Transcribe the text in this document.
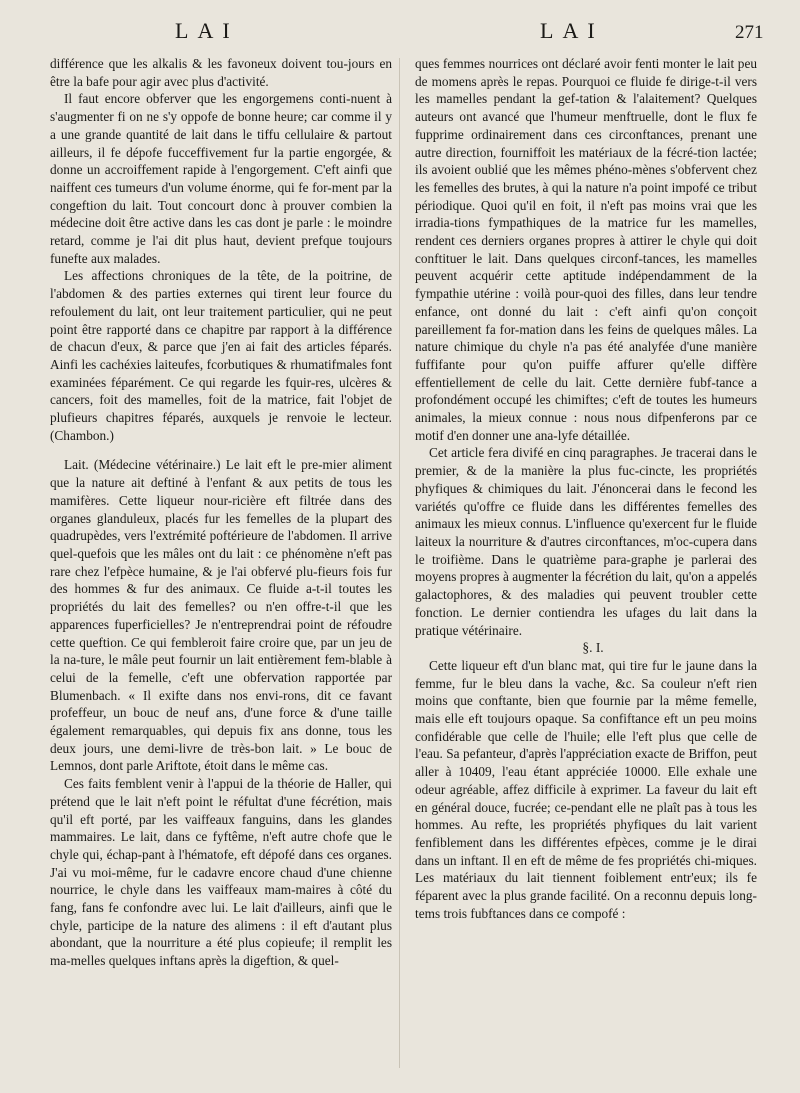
LAI	LAI	271

différence que les alkalis & les favoneux doivent tou-jours en être la bafe pour agir avec plus d'activité.

Il faut encore obferver que les engorgemens conti-nuent à s'augmenter fi on ne s'y oppofe de bonne heure; car comme il y a une grande quantité de lait dans le tiffu cellulaire & partout ailleurs, il fe dépofe fucceffivement fur la partie engorgée, & donne un accroiffement rapide à l'engorgement. C'eft ainfi que naiffent ces tumeurs d'un volume énorme, qui fe for-ment par la congeftion du lait. Tout concourt donc à prouver combien la médecine doit être active dans les cas dont je parle : le moindre retard, comme je l'ai dit plus haut, devient prefque toujours funefte aux malades.

Les affections chroniques de la tête, de la poitrine, de l'abdomen & des parties externes qui tirent leur fource du refoulement du lait, ont leur traitement particulier, qui ne peut point être rapporté dans ce chapitre par rapport à la différence de chacun d'eux, & parce que j'en ai fait des articles féparés. Ainfi les cachéxies laiteufes, fcorbutiques & rhumatifmales font examinées féparément. Ce qui regarde les fquir-res, ulcères & cancers, foit des mamelles, foit de la matrice, fait l'objet de plufieurs chapitres féparés, auxquels je renvoie le lecteur. (Chambon.)

Lait. (Médecine vétérinaire.) Le lait eft le pre-mier aliment que la nature ait deftiné à l'enfant & aux petits de tous les mamifères. Cette liqueur nour-ricière eft filtrée dans des organes glanduleux, placés fur les femelles de la plupart des quadrupèdes, vers l'extrémité poftérieure de l'abdomen. Il arrive quel-quefois que les mâles ont du lait : ce phénomène n'eft pas rare chez l'efpèce humaine, & je l'ai obfervé plu-fieurs fois fur des hommes & fur des animaux. Ce fluide a-t-il toutes les propriétés du lait des femelles? ou n'en offre-t-il que les apparences fuperficielles? Je n'entreprendrai point de réfoudre cette queftion. Ce qui fembleroit faire croire que, par un jeu de la na-ture, le mâle peut fournir un lait entièrement fem-blable à celui de la femelle, c'eft une obfervation rapportée par Blumenbach. « Il exifte dans nos envi-rons, dit ce favant profeffeur, un bouc de neuf ans, d'une force & d'une taille également remarquables, qui depuis fix ans donne, tous les deux jours, une demi-livre de très-bon lait. » Le bouc de Lemnos, dont parle Ariftote, étoit dans le même cas.

Ces faits femblent venir à l'appui de la théorie de Haller, qui prétend que le lait n'eft point le réfultat d'une fécrétion, mais qu'il eft porté, par les vaiffeaux fanguins, dans les glandes mammaires. Le lait, dans ce fyftême, n'eft autre chofe que le chyle qui, échap-pant à l'hématofe, eft dépofé dans ces organes. J'ai vu moi-même, fur le cadavre encore chaud d'une chienne nourrice, le chyle dans les vaiffeaux mam-maires à côté du fang, fans fe confondre avec lui. Le lait d'ailleurs, ainfi que le chyle, participe de la nature des alimens : il eft d'autant plus abondant, que la nourriture a été plus copieufe; il remplit les ma-melles quelques inftans après la digeftion, & quel-

ques femmes nourrices ont déclaré avoir fenti monter le lait peu de momens après le repas. Pourquoi ce fluide fe dirige-t-il vers les mamelles pendant la gef-tation & l'alaitement? Quelques auteurs ont avancé que l'humeur menftruelle, dont le flux fe fupprime ordinairement dans ces circonftances, prenant une autre direction, fourniffoit les matériaux de la fécré-tion lactée; ils avoient oublié que les mêmes phéno-mènes s'obfervent chez les femelles des brutes, à qui la nature n'a point impofé ce tribut périodique. Quoi qu'il en foit, il n'eft pas moins vrai que les irradia-tions fympathiques de la matrice fur les mamelles, rendent ces derniers organes propres à attirer le chyle qui doit conftituer le lait. Dans quelques circonf-tances, les mamelles peuvent acquérir cette aptitude indépendamment de la fympathie utérine : voilà pour-quoi des filles, dans leur tendre enfance, ont donné du lait : c'eft ainfi qu'on conçoit pareillement fa for-mation dans les feins de quelques mâles. La nature chimique du chyle n'a pas été analyfée d'une manière fuffifante pour qu'on puiffe affurer qu'elle diffère effentiellement de celle du lait. Cette dernière fubf-tance a profondément occupé les chimiftes; c'eft de toutes les humeurs animales, la mieux connue : nous nous difpenferons par ce motif d'en donner une ana-lyfe détaillée.

Cet article fera divifé en cinq paragraphes. Je tracerai dans le premier, & de la manière la plus fuc-cincte, les propriétés phyfiques & chimiques du lait. J'énoncerai dans le fecond les variétés qu'offre ce fluide dans les différentes femelles des animaux les mieux connus. L'influence qu'exercent fur le fluide laiteux la nourriture & d'autres circonftances, m'oc-cupera dans le troifième. Dans le quatrième para-graphe je parlerai des moyens propres à augmenter la fécrétion du lait, qu'on a appelés galactophores, & des maladies qui peuvent troubler cette fonction. Le dernier contiendra les ufages du lait dans la pratique vétérinaire.

§. I.

Cette liqueur eft d'un blanc mat, qui tire fur le jaune dans la femme, fur le bleu dans la vache, &c. Sa couleur n'eft rien moins que conftante, bien que fournie par la même femelle, mais elle eft toujours opaque. Sa confiftance eft un peu moins confidérable que celle de l'huile; elle l'eft plus que celle de l'eau. Sa pefanteur, d'après l'appréciation exacte de Briffon, peut aller à 10409, l'eau étant appréciée 10000. Elle exhale une odeur agréable, affez difficile à exprimer. La faveur du lait eft en général douce, fucrée; ce-pendant elle ne plaît pas à tous les hommes. Au refte, les propriétés phyfiques du lait varient fenfiblement dans les différentes efpèces, comme je le dirai dans un inftant. Il en eft de même de fes propriétés chi-miques. Les matériaux du lait tiennent foiblement entr'eux; ils fe féparent avec la plus grande facilité. On a reconnu depuis long-tems trois fubftances dans ce compofé :
